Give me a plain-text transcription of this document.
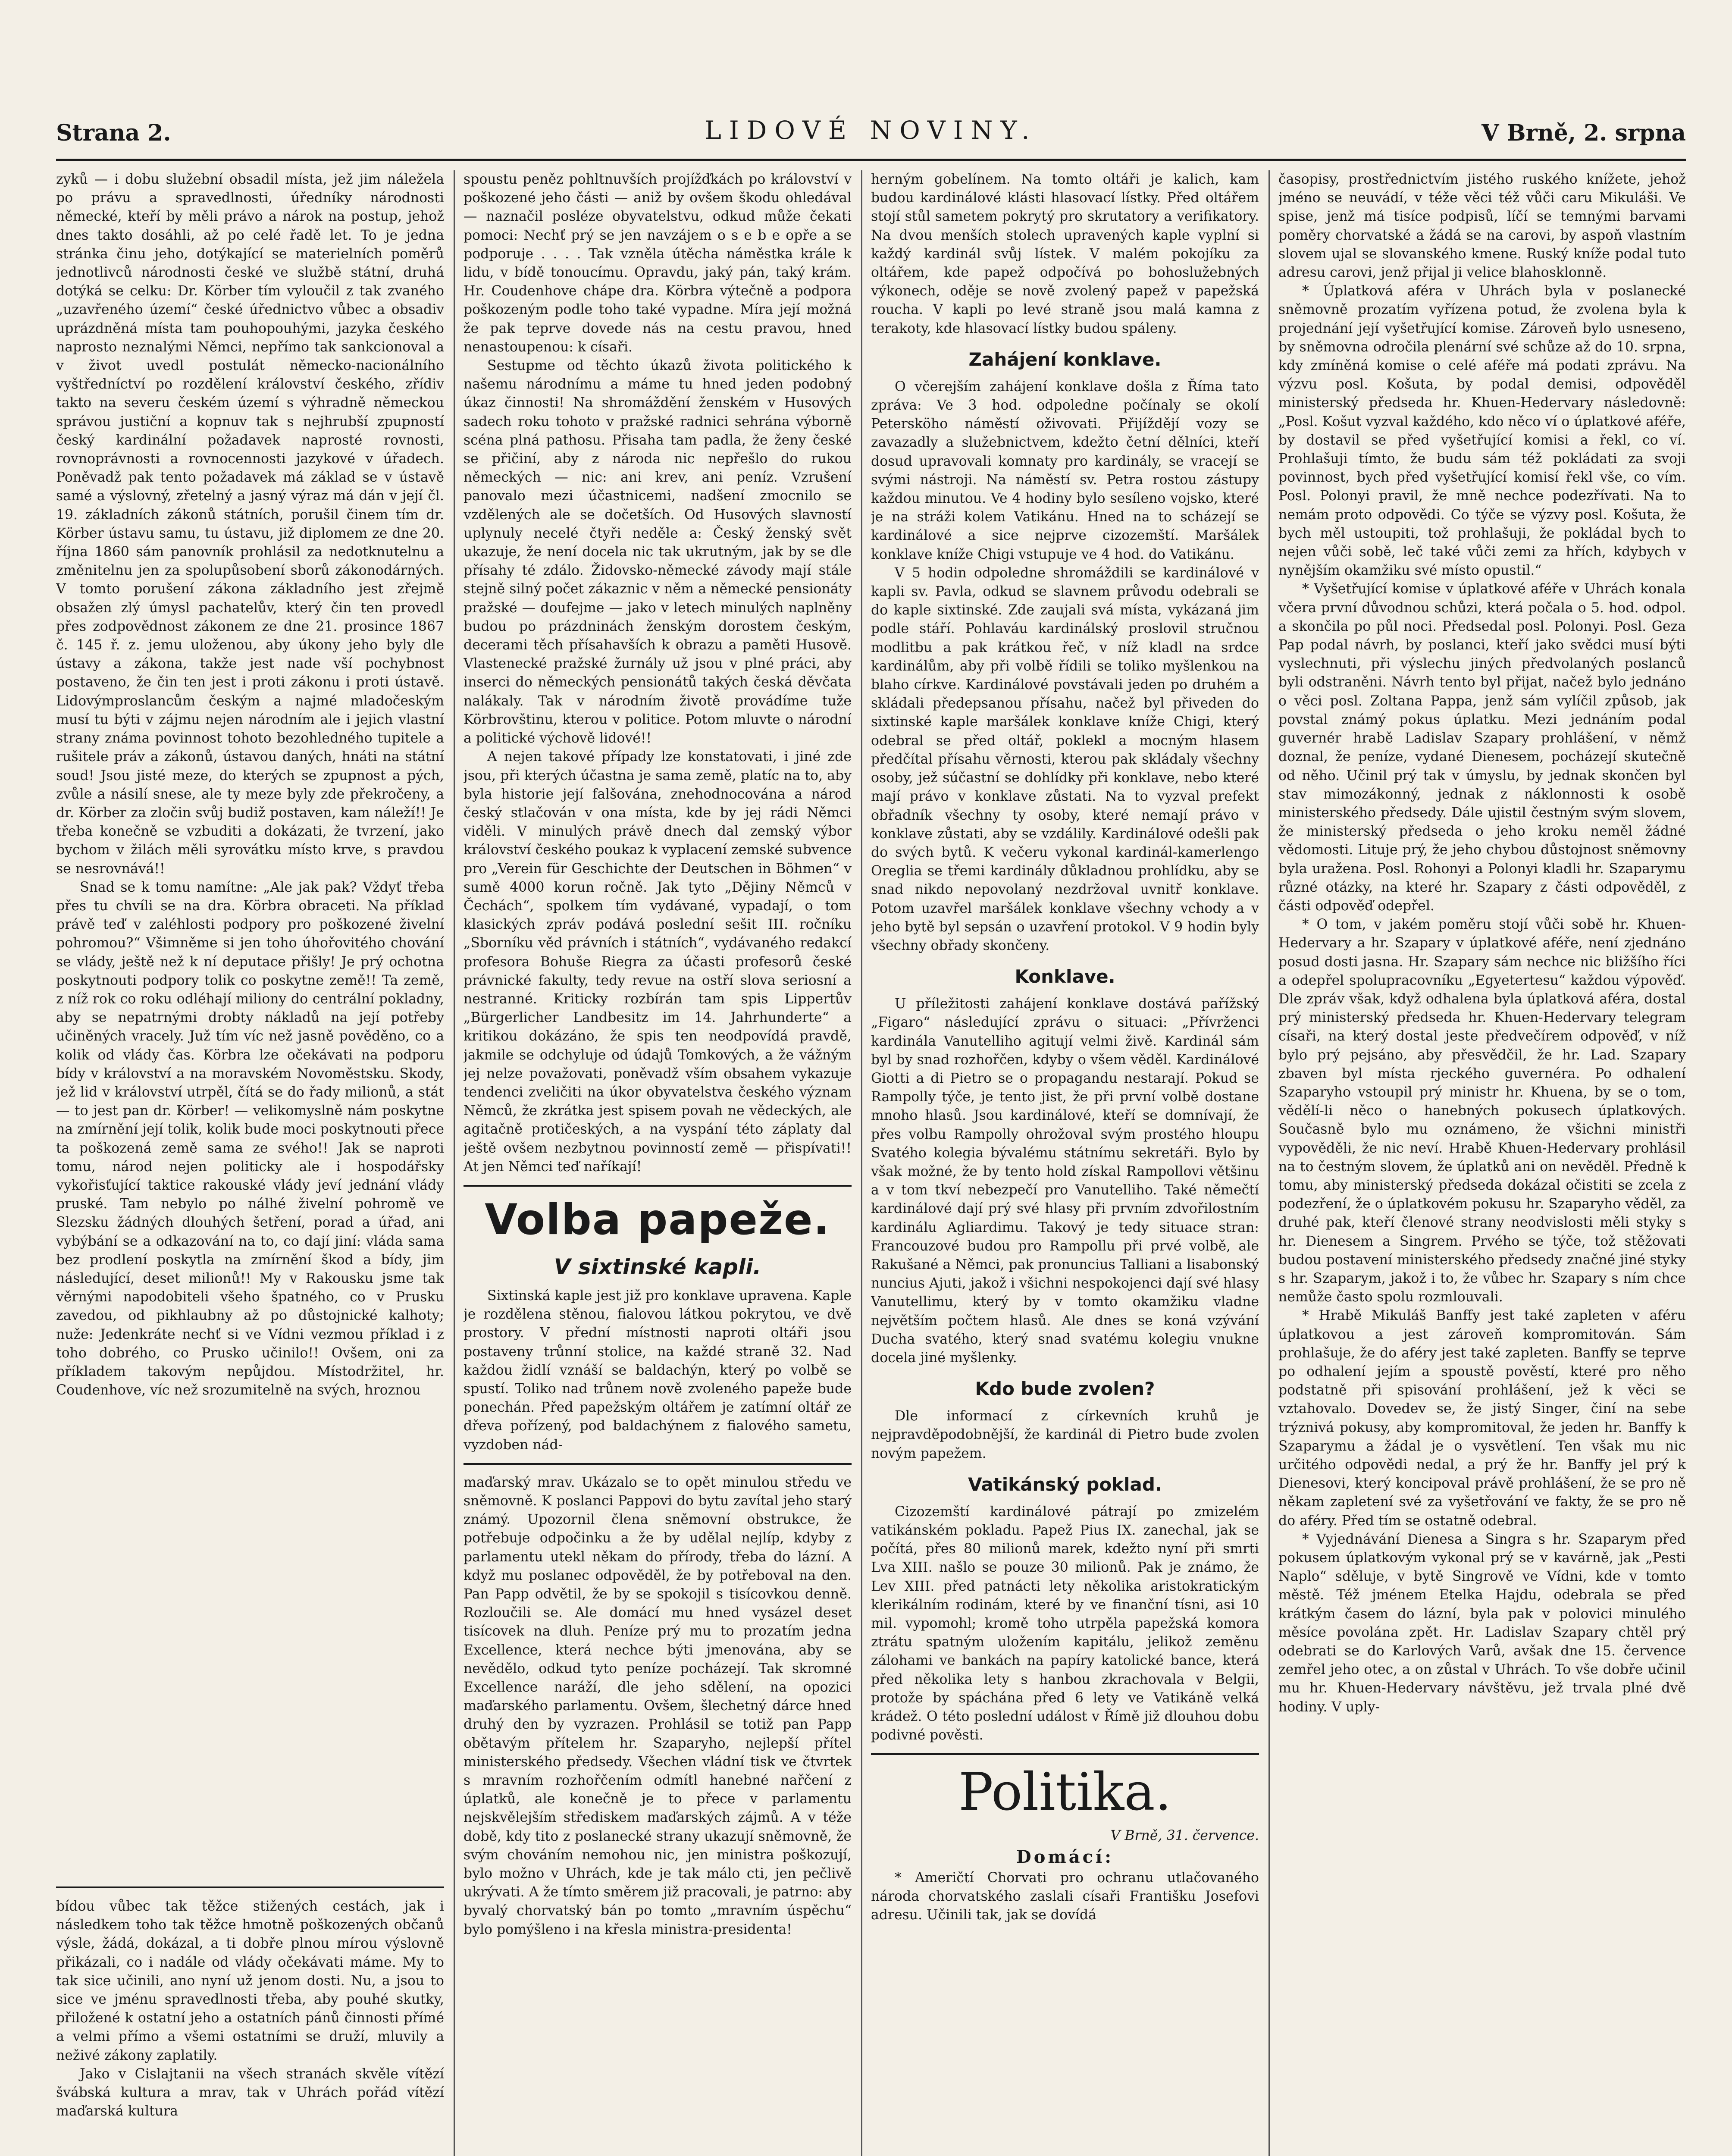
Strana 2.	LIDOVÉ NOVINY.	V Brně, 2. srpna

zyků — i dobu služební obsadil místa, jež jim náležela po právu a spravedlnosti, úředníky národnosti německé, kteří by měli právo a nárok na postup, jehož dnes takto dosáhli, až po celé řadě let. To je jedna stránka činu jeho, dotýkající se materielních poměrů jednotlivců národnosti české ve službě státní, druhá dotýká se celku: Dr. Körber tím vyloučil z tak zvaného „uzavřeného území“ české úřednictvo vůbec a obsadiv uprázdněná místa tam pouhopouhými, jazyka českého naprosto neznalými Němci, nepřímo tak sankcionoval a v život uvedl postulát německo-nacionálního vyštředníctví po rozdělení království českého, zřídiv takto na severu českém území s výhradně německou správou justiční a kopnuv tak s nejhrubší zpupností český kardinální požadavek naprosté rovnosti, rovnoprávnosti a rovnocennosti jazykové v úřadech. Poněvadž pak tento požadavek má základ se v ústavě samé a výslovný, zřetelný a jasný výraz má dán v její čl. 19. základních zákonů státních, porušil činem tím dr. Körber ústavu samu, tu ústavu, již diplomem ze dne 20. října 1860 sám panovník prohlásil za nedotknutelnu a změnitelnu jen za spolupůsobení sborů zákonodárných. V tomto porušení zákona základního jest zřejmě obsažen zlý úmysl pachatelův, který čin ten provedl přes zodpovědnost zákonem ze dne 21. prosince 1867 č. 145 ř. z. jemu uloženou, aby úkony jeho byly dle ústavy a zákona, takže jest nade vší pochybnost postaveno, že čin ten jest i proti zákonu i proti ústavě. Lidovýmproslancům českým a najmé mladočeským musí tu býti v zájmu nejen národním ale i jejich vlastní strany známa povinnost tohoto bezohledného tupitele a rušitele práv a zákonů, ústavou daných, hnáti na státní soud! Jsou jisté meze, do kterých se zpupnost a pých, zvůle a násilí snese, ale ty meze byly zde překročeny, a dr. Körber za zločin svůj budiž postaven, kam náleží!! Je třeba konečně se vzbuditi a dokázati, že tvrzení, jako bychom v žilách měli syrovátku místo krve, s pravdou se nesrovnává!!

Snad se k tomu namítne: „Ale jak pak? Vždyť třeba přes tu chvíli se na dra. Körbra obraceti. Na příklad právě teď v zaléhlosti podpory pro poškozené živelní pohromou?“ Všimněme si jen toho úhořovitého chování se vlády, ještě než k ní deputace přišly! Je prý ochotna poskytnouti podpory tolik co poskytne země!! Ta země, z níž rok co roku odléhají miliony do centrální pokladny, aby se nepatrnými drobty nákladů na její potřeby učiněných vracely. Juž tím víc než jasně pověděno, co a kolik od vlády čas. Körbra lze očekávati na podporu bídy v království a na moravském Novoměstsku. Skody, jež lid v království utrpěl, čítá se do řady milionů, a stát — to jest pan dr. Körber! — velikomyslně nám poskytne na zmírnění její tolik, kolik bude moci poskytnouti přece ta poškozená země sama ze svého!! Jak se naproti tomu, národ nejen politicky ale i hospodářsky vykořisťující taktice rakouské vlády jeví jednání vlády pruské. Tam nebylo po nálhé živelní pohromě ve Slezsku žádných dlouhých šetření, porad a úřad, ani vybýbání se a odkazování na to, co dají jiní: vláda sama bez prodlení poskytla na zmírnění škod a bídy, jim následující, deset milionů!! My v Rakousku jsme tak věrnými napodobiteli všeho špatného, co v Prusku zavedou, od pikhlaubny až po důstojnické kalhoty; nuže: Jedenkráte nechť si ve Vídni vezmou příklad i z toho dobrého, co Prusko učinilo!! Ovšem, oni za příkladem takovým nepůjdou. Místodržitel, hr. Coudenhove, víc než srozumitelně na svých, hroznou

bídou vůbec tak těžce stižených cestách, jak i následkem toho tak těžce hmotně poškozených občanů výsle, žádá, dokázal, a ti dobře plnou mírou výslovně přikázali, co i nadále od vlády očekávati máme. My to tak sice učinili, ano nyní už jenom dosti. Nu, a jsou to sice ve jménu spravedlnosti třeba, aby pouhé skutky, přiložené k ostatní jeho a ostatních pánů činnosti přímé a velmi přímo a všemi ostatními se druží, mluvily a neživé zákony zaplatily.

Jako v Cislajtanii na všech stranách skvěle vítězí švábská kultura a mrav, tak v Uhrách pořád vítězí maďarská kultura

spoustu peněz pohltnuvších projížďkách po království v poškozené jeho části — aniž by ovšem škodu ohledával — naznačil posléze obyvatelstvu, odkud může čekati pomoci: Nechť prý se jen navzájem o s e b e opře a se podporuje . . . . Tak vzněla útěcha náměstka krále k lidu, v bídě tonoucímu. Opravdu, jaký pán, taký krám. Hr. Coudenhove chápe dra. Körbra výtečně a podpora poškozeným podle toho také vypadne. Míra její možná že pak teprve dovede nás na cestu pravou, hned nenastoupenou: k císaři.

Sestupme od těchto úkazů života politického k našemu národnímu a máme tu hned jeden podobný úkaz činnosti! Na shromáždění ženském v Husových sadech roku tohoto v pražské radnici sehrána výborně scéna plná pathosu. Přisaha tam padla, že ženy české se přičiní, aby z národa nic nepřešlo do rukou německých — nic: ani krev, ani peníz. Vzrušení panovalo mezi účastnicemi, nadšení zmocnilo se vzdělených ale se dočetších. Od Husových slavností uplynuly necelé čtyři neděle a: Český ženský svět ukazuje, že není docela nic tak ukrutným, jak by se dle přísahy té zdálo. Židovsko-německé závody mají stále stejně silný počet zákaznic v něm a německé pensionáty pražské — doufejme — jako v letech minulých naplněny budou po prázdninách ženským dorostem českým, decerami těch přísahavších k obrazu a paměti Husově. Vlastenecké pražské žurnály už jsou v plné práci, aby inserci do německých pensionátů takých česká děvčata nalákaly. Tak v národním životě provádíme tuže Körbrovštinu, kterou v politice. Potom mluvte o národní a politické výchově lidové!!

A nejen takové případy lze konstatovati, i jiné zde jsou, při kterých účastna je sama země, platíc na to, aby byla historie její falšována, znehodnocována a národ český stlačován v ona místa, kde by jej rádi Němci viděli. V minulých právě dnech dal zemský výbor království českého poukaz k vyplacení zemské subvence pro „Verein für Geschichte der Deutschen in Böhmen“ v sumě 4000 korun ročně. Jak tyto „Dějiny Němců v Čechách“, spolkem tím vydávané, vypadají, o tom klasických zpráv podává poslední sešit III. ročníku „Sborníku věd právních i státních“, vydávaného redakcí profesora Bohuše Riegra za účasti profesorů české právnické fakulty, tedy revue na ostří slova seriosní a nestranné. Kriticky rozbírán tam spis Lippertův „Bürgerlicher Landbesitz im 14. Jahrhunderte“ a kritikou dokázáno, že spis ten neodpovídá pravdě, jakmile se odchyluje od údajů Tomkových, a že vážným jej nelze považovati, poněvadž vším obsahem vykazuje tendenci zveličiti na úkor obyvatelstva českého význam Němců, že zkrátka jest spisem povah ne vědeckých, ale agitačně protičeských, a na vyspání této záplaty dal ještě ovšem nezbytnou povinností země — přispívati!! At jen Němci teď naříkají!

Volba papeže.

V sixtinské kapli.

Sixtinská kaple jest již pro konklave upravena. Kaple je rozdělena stěnou, fialovou látkou pokrytou, ve dvě prostory. V přední místnosti naproti oltáři jsou postaveny trůnní stolice, na každé straně 32. Nad každou židlí vznáší se baldachýn, který po volbě se spustí. Toliko nad trůnem nově zvoleného papeže bude ponechán. Před papežským oltářem je zatímní oltář ze dřeva pořízený, pod baldachýnem z fialového sametu, vyzdoben nád-

maďarský mrav. Ukázalo se to opět minulou středu ve sněmovně. K poslanci Pappovi do bytu zavítal jeho starý známý. Upozornil člena sněmovní obstrukce, že potřebuje odpočinku a že by udělal nejlíp, kdyby z parlamentu utekl někam do přírody, třeba do lázní. A když mu poslanec odpověděl, že by potřeboval na den. Pan Papp odvětil, že by se spokojil s tisícovkou denně. Rozloučili se. Ale domácí mu hned vysázel deset tisícovek na dluh. Peníze prý mu to prozatím jedna Excellence, která nechce býti jmenována, aby se nevědělo, odkud tyto peníze pocházejí. Tak skromné Excellence naráží, dle jeho sdělení, na opozici maďarského parlamentu. Ovšem, šlechetný dárce hned druhý den by vyzrazen. Prohlásil se totiž pan Papp obětavým přítelem hr. Szaparyho, nejlepší přítel ministerského předsedy. Všechen vládní tisk ve čtvrtek s mravním rozhořčením odmítl hanebné nařčení z úplatků, ale konečně je to přece v parlamentu nejskvělejším střediskem maďarských zájmů. A v téže době, kdy tito z poslanecké strany ukazují sněmovně, že svým chováním nemohou nic, jen ministra poškozují, bylo možno v Uhrách, kde je tak málo cti, jen pečlivě ukrývati. A že tímto směrem již pracovali, je patrno: aby byvalý chorvatský bán po tomto „mravním úspěchu“ bylo pomýšleno i na křesla ministra-presidenta!

herným gobelínem. Na tomto oltáři je kalich, kam budou kardinálové klásti hlasovací lístky. Před oltářem stojí stůl sametem pokrytý pro skrutatory a verifikatory. Na dvou menších stolech upravených kaple vyplní si každý kardinál svůj lístek. V malém pokojíku za oltářem, kde papež odpočívá po bohoslužebných výkonech, oděje se nově zvolený papež v papežská roucha. V kapli po levé straně jsou malá kamna z terakoty, kde hlasovací lístky budou spáleny.

Zahájení konklave.

O včerejším zahájení konklave došla z Říma tato zpráva: Ve 3 hod. odpoledne počínaly se okolí Petersköho náměstí oživovati. Přijíždějí vozy se zavazadly a služebnictvem, kdežto četní dělníci, kteří dosud upravovali komnaty pro kardinály, se vracejí se svými nástroji. Na náměstí sv. Petra rostou zástupy každou minutou. Ve 4 hodiny bylo sesíleno vojsko, které je na stráži kolem Vatikánu. Hned na to scházejí se kardinálové a sice nejprve cizozemští. Maršálek konklave kníže Chigi vstupuje ve 4 hod. do Vatikánu.

V 5 hodin odpoledne shromáždili se kardinálové v kapli sv. Pavla, odkud se slavnem průvodu odebrali se do kaple sixtinské. Zde zaujali svá místa, vykázaná jim podle stáří. Pohlaváu kardinálský proslovil stručnou modlitbu a pak krátkou řeč, v níž kladl na srdce kardinálům, aby při volbě řídili se toliko myšlenkou na blaho církve. Kardinálové povstávali jeden po druhém a skládali předepsanou přísahu, načež byl přiveden do sixtinské kaple maršálek konklave kníže Chigi, který odebral se před oltář, poklekl a mocným hlasem předčítal přísahu věrnosti, kterou pak skládaly všechny osoby, jež súčastní se dohlídky při konklave, nebo které mají právo v konklave zůstati. Na to vyzval prefekt obřadník všechny ty osoby, které nemají právo v konklave zůstati, aby se vzdálily. Kardinálové odešli pak do svých bytů. K večeru vykonal kardinál-kamerlengo Oreglia se třemi kardinály důkladnou prohlídku, aby se snad nikdo nepovolaný nezdržoval uvnitř konklave. Potom uzavřel maršálek konklave všechny vchody a v jeho bytě byl sepsán o uzavření protokol. V 9 hodin byly všechny obřady skončeny.

Konklave.

U příležitosti zahájení konklave dostává pařížský „Figaro“ následující zprávu o situaci: „Přívrženci kardinála Vanutelliho agitují velmi živě. Kardinál sám byl by snad rozhořčen, kdyby o všem věděl. Kardinálové Giotti a di Pietro se o propagandu nestarají. Pokud se Rampolly týče, je tento jist, že při první volbě dostane mnoho hlasů. Jsou kardinálové, kteří se domnívají, že přes volbu Rampolly ohrožoval svým prostého hloupu Svatého kolegia bývalému státnímu sekretáři. Bylo by však možné, že by tento hold získal Rampollovi většinu a v tom tkví nebezpečí pro Vanutelliho. Také němečtí kardinálové dají prý své hlasy při prvním zdvořilostním kardinálu Agliardimu. Takový je tedy situace stran: Francouzové budou pro Rampollu při prvé volbě, ale Rakušané a Němci, pak pronuncius Talliani a lisabonský nuncius Ajuti, jakož i všichni nespokojenci dají své hlasy Vanutellimu, který by v tomto okamžiku vladne největším počtem hlasů. Ale dnes se koná vzývání Ducha svatého, který snad svatému kolegiu vnukne docela jiné myšlenky.

Kdo bude zvolen?

Dle informací z církevních kruhů je nejpravděpodobnější, že kardinál di Pietro bude zvolen novým papežem.

Vatikánský poklad.

Cizozemští kardinálové pátrají po zmizelém vatikánském pokladu. Papež Pius IX. zanechal, jak se počítá, přes 80 milionů marek, kdežto nyní při smrti Lva XIII. našlo se pouze 30 milionů. Pak je známo, že Lev XIII. před patnácti lety několika aristokratickým klerikálním rodinám, které by ve finanční tísni, asi 10 mil. vypomohl; kromě toho utrpěla papežská komora ztrátu spatným uložením kapitálu, jelikož zeměnu zálohami ve bankách na papíry katolické bance, která před několika lety s hanbou zkrachovala v Belgii, protože by spáchána před 6 lety ve Vatikáně velká krádež. O této poslední událost v Římě již dlouhou dobu podivné pověsti.

Politika.

V Brně, 31. července.

Domácí:

* Američtí Chorvati pro ochranu utlačovaného národa chorvatského zaslali císaři Františku Josefovi adresu. Učinili tak, jak se dovídá

časopisy, prostřednictvím jistého ruského knížete, jehož jméno se neuvádí, v téže věci též vůči caru Mikuláši. Ve spise, jenž má tisíce podpisů, líčí se temnými barvami poměry chorvatské a žádá se na carovi, by aspoň vlastním slovem ujal se slovanského kmene. Ruský kníže podal tuto adresu carovi, jenž přijal ji velice blahosklonně.

* Úplatková aféra v Uhrách byla v poslanecké sněmovně prozatím vyřízena potud, že zvolena byla k projednání její vyšetřující komise. Zároveň bylo usneseno, by sněmovna odročila plenární své schůze až do 10. srpna, kdy zmíněná komise o celé aféře má podati zprávu. Na výzvu posl. Košuta, by podal demisi, odpověděl ministerský předseda hr. Khuen-Hedervary následovně: „Posl. Košut vyzval každého, kdo něco ví o úplatkové aféře, by dostavil se před vyšetřující komisi a řekl, co ví. Prohlašuji tímto, že budu sám též pokládati za svoji povinnost, bych před vyšetřující komisí řekl vše, co vím. Posl. Polonyi pravil, že mně nechce podezřívati. Na to nemám proto odpovědi. Co týče se výzvy posl. Košuta, že bych měl ustoupiti, tož prohlašuji, že pokládal bych to nejen vůči sobě, leč také vůči zemi za hřích, kdybych v nynějším okamžiku své místo opustil.“

* Vyšetřující komise v úplatkové aféře v Uhrách konala včera první důvodnou schůzi, která počala o 5. hod. odpol. a skončila po půl noci. Předsedal posl. Polonyi. Posl. Geza Pap podal návrh, by poslanci, kteří jako svědci musí býti vyslechnuti, při výslechu jiných předvolaných poslanců byli odstraněni. Návrh tento byl přijat, načež bylo jednáno o věci posl. Zoltana Pappa, jenž sám vylíčil způsob, jak povstal známý pokus úplatku. Mezi jednáním podal guvernér hrabě Ladislav Szapary prohlášení, v němž doznal, že peníze, vydané Dienesem, pocházejí skutečně od něho. Učinil prý tak v úmyslu, by jednak skončen byl stav mimozákonný, jednak z náklonnosti k osobě ministerského předsedy. Dále ujistil čestným svým slovem, že ministerský předseda o jeho kroku neměl žádné vědomosti. Lituje prý, že jeho chybou důstojnost sněmovny byla uražena. Posl. Rohonyi a Polonyi kladli hr. Szaparymu různé otázky, na které hr. Szapary z části odpověděl, z části odpověď odepřel.

* O tom, v jakém poměru stojí vůči sobě hr. Khuen-Hedervary a hr. Szapary v úplatkové aféře, není zjednáno posud dosti jasna. Hr. Szapary sám nechce nic bližšího říci a odepřel spolupracovníku „Egyetertesu“ každou výpověď. Dle zpráv však, když odhalena byla úplatková aféra, dostal prý ministerský předseda hr. Khuen-Hedervary telegram císaři, na který dostal jeste předvečírem odpověď, v níž bylo prý pejsáno, aby přesvědčil, že hr. Lad. Szapary zbaven byl místa rjeckého guvernéra. Po odhalení Szaparyho vstoupil prý ministr hr. Khuena, by se o tom, vědělí-li něco o hanebných pokusech úplatkových. Současně bylo mu oznámeno, že všichni ministři vypověděli, že nic neví. Hrabě Khuen-Hedervary prohlásil na to čestným slovem, že úplatků ani on nevěděl. Předně k tomu, aby ministerský předseda dokázal očistiti se zcela z podezření, že o úplatkovém pokusu hr. Szaparyho věděl, za druhé pak, kteří členové strany neodvislosti měli styky s hr. Dienesem a Singrem. Prvého se týče, tož stěžovati budou postavení ministerského předsedy značné jiné styky s hr. Szaparym, jakož i to, že vůbec hr. Szapary s ním chce nemůže často spolu rozmlouvali.

* Hrabě Mikuláš Banffy jest také zapleten v aféru úplatkovou a jest zároveň kompromitován. Sám prohlašuje, že do aféry jest také zapleten. Banffy se teprve po odhalení jejím a spoustě pověstí, které pro něho podstatně při spisování prohlášení, jež k věci se vztahovalo. Dovedev se, že jistý Singer, činí na sebe trýznivá pokusy, aby kompromitoval, že jeden hr. Banffy k Szaparymu a žádal je o vysvětlení. Ten však mu nic určitého odpovědi nedal, a prý že hr. Banffy jel prý k Dienesovi, který koncipoval právě prohlášení, že se pro ně někam zapletení své za vyšetřování ve fakty, že se pro ně do aféry. Před tím se ostatně odebral.

* Vyjednávání Dienesa a Singra s hr. Szaparym před pokusem úplatkovým vykonal prý se v kavárně, jak „Pesti Naplo“ sděluje, v bytě Singrově ve Vídni, kde v tomto městě. Též jménem Etelka Hajdu, odebrala se před krátkým časem do lázní, byla pak v polovici minulého měsíce povolána zpět. Hr. Ladislav Szapary chtěl prý odebrati se do Karlových Varů, avšak dne 15. července zemřel jeho otec, a on zůstal v Uhrách. To vše dobře učinil mu hr. Khuen-Hedervary návštěvu, jež trvala plné dvě hodiny. V uply-
